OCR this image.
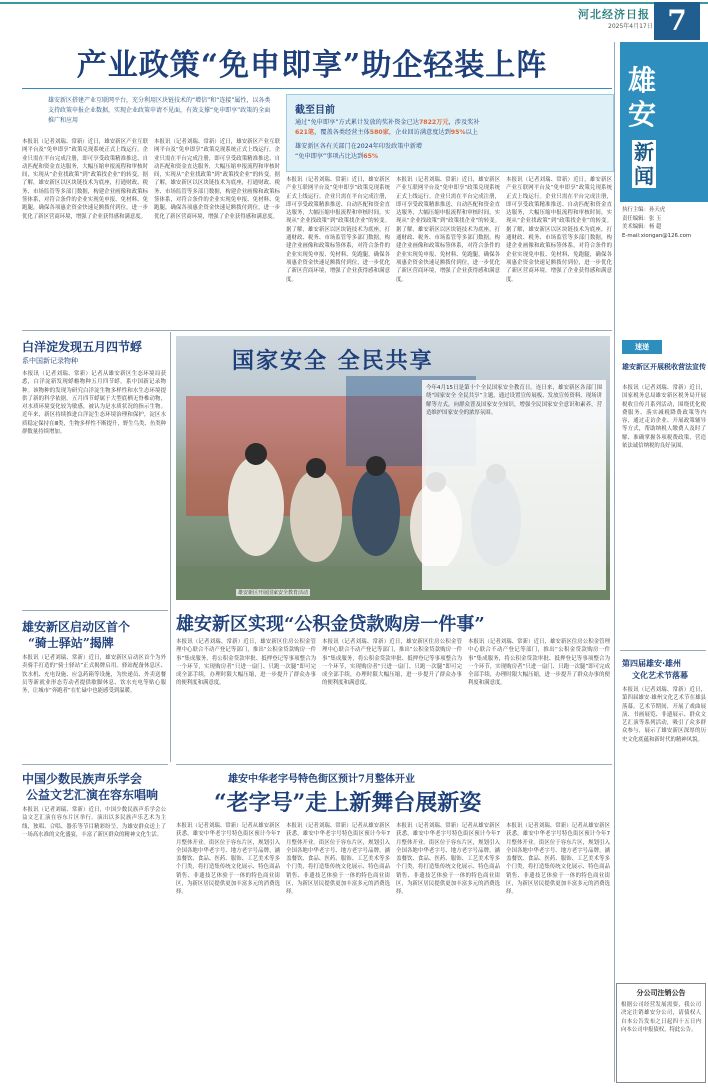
河北经济日报
2025年4月17日 7
雄安
新闻
执行主编：孙天虎
责任编辑：张 玉
美术编辑：杨 超
E-mail:xiongan@126.com
产业政策“免申即享”助企轻装上阵
雄安新区搭建产业互联网平台，充分利用区块链技术的“增信”和“连接”属性，以各类支持政策申报企业数据，实现企业政策申请不见面，有效支撑“免申即享”政策的全面推广和应用
截至目前
通过“免申即享”方式累计发放的奖补资金已达7822万元，涉及奖补
621笔，覆盖各类经营主体580家，企业回访满意度达到95%以上
雄安新区各有关部门在2024年印发政策中新增
“免申即享”事项占比达到65%
本报讯（记者刘瑞、常新）近日，雄安新区产业互联网平台及“免申即享”政策兑现系统正式上线运行。企业只需在平台完成注册，即可享受政策精准推送、自动匹配和资金直达服务，大幅压缩申报流程和审核时间，实现从“企业找政策”到“政策找企业”的转变。据了解，雄安新区以区块链技术为底座，打通财政、税务、市场监管等多部门数据，构建企业画像和政策标签体系，对符合条件的企业实现免申报、免材料、免跑腿，确保各项惠企资金快速足额拨付到位，进一步优化了新区营商环境，增强了企业获得感和满意度。
本报讯（记者刘瑞、常新）近日，雄安新区产业互联网平台及“免申即享”政策兑现系统正式上线运行。企业只需在平台完成注册，即可享受政策精准推送、自动匹配和资金直达服务，大幅压缩申报流程和审核时间，实现从“企业找政策”到“政策找企业”的转变。据了解，雄安新区以区块链技术为底座，打通财政、税务、市场监管等多部门数据，构建企业画像和政策标签体系，对符合条件的企业实现免申报、免材料、免跑腿，确保各项惠企资金快速足额拨付到位，进一步优化了新区营商环境，增强了企业获得感和满意度。
本报讯（记者刘瑞、常新）近日，雄安新区产业互联网平台及“免申即享”政策兑现系统正式上线运行。企业只需在平台完成注册，即可享受政策精准推送、自动匹配和资金直达服务，大幅压缩申报流程和审核时间，实现从“企业找政策”到“政策找企业”的转变。据了解，雄安新区以区块链技术为底座，打通财政、税务、市场监管等多部门数据，构建企业画像和政策标签体系，对符合条件的企业实现免申报、免材料、免跑腿，确保各项惠企资金快速足额拨付到位，进一步优化了新区营商环境，增强了企业获得感和满意度。
本报讯（记者刘瑞、常新）近日，雄安新区产业互联网平台及“免申即享”政策兑现系统正式上线运行。企业只需在平台完成注册，即可享受政策精准推送、自动匹配和资金直达服务，大幅压缩申报流程和审核时间，实现从“企业找政策”到“政策找企业”的转变。据了解，雄安新区以区块链技术为底座，打通财政、税务、市场监管等多部门数据，构建企业画像和政策标签体系，对符合条件的企业实现免申报、免材料、免跑腿，确保各项惠企资金快速足额拨付到位，进一步优化了新区营商环境，增强了企业获得感和满意度。
本报讯（记者刘瑞、常新）近日，雄安新区产业互联网平台及“免申即享”政策兑现系统正式上线运行。企业只需在平台完成注册，即可享受政策精准推送、自动匹配和资金直达服务，大幅压缩申报流程和审核时间，实现从“企业找政策”到“政策找企业”的转变。据了解，雄安新区以区块链技术为底座，打通财政、税务、市场监管等多部门数据，构建企业画像和政策标签体系，对符合条件的企业实现免申报、免材料、免跑腿，确保各项惠企资金快速足额拨付到位，进一步优化了新区营商环境，增强了企业获得感和满意度。
白洋淀发现五月四节蜉
系中国新记录物种
本报讯（记者刘瑞、常新）记者从雄安新区生态环境局获悉，白洋淀新发现蜉蝣物种五月四节蜉，系中国新记录物种。该物种的发现为研究白洋淀生物多样性和水生态环境提供了新的科学依据。五月四节蜉属于大型底栖无脊椎动物，对水质环境变化较为敏感，被认为是水质状况的指示生物。近年来，新区持续推进白洋淀生态环境治理和保护，淀区水质稳定保持在Ⅲ类，生物多样性不断提升，野生鸟类、鱼类种群数量持续增加。
雄安新区启动区首个
“骑士驿站”揭牌
本报讯（记者刘瑞、常新）近日，雄安新区启动区首个为外卖骑手打造的“骑士驿站”正式揭牌启用。驿站配备休息区、饮水机、充电设施、应急药箱等设施，为快递员、外卖送餐员等新就业形态劳动者提供歇脚休息、饮水充电等贴心服务，让城市“奔跑者”在忙碌中也能感受到温暖。
中国少数民族声乐学会
公益文艺汇演在容东唱响
本报讯（记者刘瑞、常新）近日，中国少数民族声乐学会公益文艺汇演在容东片区举行。演出以多民族声乐艺术为主线，独唱、合唱、器乐等节目精彩纷呈，为雄安群众送上了一场高水准的文化盛宴，丰富了新区群众的精神文化生活。
国家安全 全民共享
今年4月15日是第十个全民国家安全教育日。连日来，雄安新区各部门围绕“国家安全 全民共享”主题，通过设置宣传展板、发放宣传资料、现场讲解等方式，向群众普及国家安全知识，增强全民国家安全意识和素养，营造维护国家安全的浓厚氛围。
雄安新区开展国家安全教育活动
雄安新区实现“公积金贷款购房一件事”
本报讯（记者刘瑞、常新）近日，雄安新区住房公积金管理中心联合不动产登记等部门，推出“公积金贷款购房一件事”集成服务，将公积金贷款审批、抵押登记等事项整合为一个环节，实现购房者“只进一扇门、只跑一次腿”即可完成全部手续，办理时限大幅压缩，进一步提升了群众办事的便利度和满意度。
本报讯（记者刘瑞、常新）近日，雄安新区住房公积金管理中心联合不动产登记等部门，推出“公积金贷款购房一件事”集成服务，将公积金贷款审批、抵押登记等事项整合为一个环节，实现购房者“只进一扇门、只跑一次腿”即可完成全部手续，办理时限大幅压缩，进一步提升了群众办事的便利度和满意度。
本报讯（记者刘瑞、常新）近日，雄安新区住房公积金管理中心联合不动产登记等部门，推出“公积金贷款购房一件事”集成服务，将公积金贷款审批、抵押登记等事项整合为一个环节，实现购房者“只进一扇门、只跑一次腿”即可完成全部手续，办理时限大幅压缩，进一步提升了群众办事的便利度和满意度。
雄安中华老字号特色街区预计7月整体开业
“老字号”走上新舞台展新姿
本报讯（记者刘瑞、常新）记者从雄安新区获悉，雄安中华老字号特色街区预计今年7月整体开业。街区位于容东片区，规划引入全国各地中华老字号、地方老字号品牌，涵盖餐饮、食品、医药、服饰、工艺美术等多个门类，将打造集传统文化展示、特色商品销售、非遗技艺体验于一体的特色商业街区，为新区居民提供更加丰富多元的消费选择。
本报讯（记者刘瑞、常新）记者从雄安新区获悉，雄安中华老字号特色街区预计今年7月整体开业。街区位于容东片区，规划引入全国各地中华老字号、地方老字号品牌，涵盖餐饮、食品、医药、服饰、工艺美术等多个门类，将打造集传统文化展示、特色商品销售、非遗技艺体验于一体的特色商业街区，为新区居民提供更加丰富多元的消费选择。
本报讯（记者刘瑞、常新）记者从雄安新区获悉，雄安中华老字号特色街区预计今年7月整体开业。街区位于容东片区，规划引入全国各地中华老字号、地方老字号品牌，涵盖餐饮、食品、医药、服饰、工艺美术等多个门类，将打造集传统文化展示、特色商品销售、非遗技艺体验于一体的特色商业街区，为新区居民提供更加丰富多元的消费选择。
本报讯（记者刘瑞、常新）记者从雄安新区获悉，雄安中华老字号特色街区预计今年7月整体开业。街区位于容东片区，规划引入全国各地中华老字号、地方老字号品牌，涵盖餐饮、食品、医药、服饰、工艺美术等多个门类，将打造集传统文化展示、特色商品销售、非遗技艺体验于一体的特色商业街区，为新区居民提供更加丰富多元的消费选择。
速递
雄安新区开展税收营法宣传
本报讯（记者刘瑞、常新）近日，国家税务总局雄安新区税务局开展税收宣传月系列活动，围绕优化税费服务、落实减税降费政策等内容，通过走访企业、开展政策辅导等方式，帮助纳税人缴费人及时了解、准确掌握各项税费政策，营造依法诚信纳税的良好氛围。
第四届雄安·雄州
文化艺术节落幕
本报讯（记者刘瑞、常新）近日，第四届雄安·雄州文化艺术节在雄县落幕。艺术节期间，开展了戏曲展演、书画展览、非遗展示、群众文艺汇演等系列活动，吸引了众多群众参与，展示了雄安新区深厚的历史文化底蕴和新时代的精神风貌。
分公司注销公告
根据公司经营发展需要，我公司决定注销雄安分公司，请债权人自本公告发布之日起四十五日内向本公司申报债权。特此公告。
